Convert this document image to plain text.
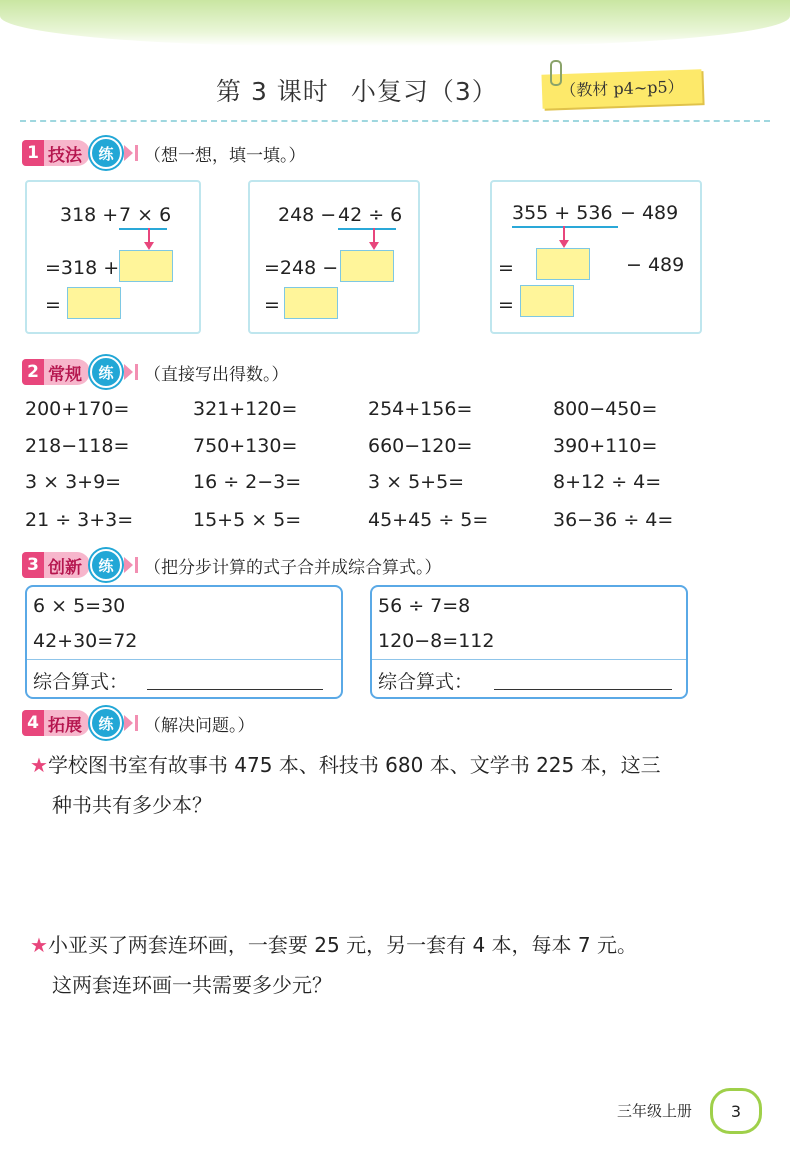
第 3 课时 小复习（3）	（教材 p4~p5）
1 技法	练	（想一想，填一填。）
318 + 7 × 6
=318 +
=
248 − 42 ÷ 6
=248 −
=
355 + 536 − 489
=	− 489
=
2 常规	练	（直接写出得数。）
200+170=	321+120=	254+156=	800−450=
218−118=	750+130=	660−120=	390+110=
3 × 3+9=	16 ÷ 2−3=	3 × 5+5=	8+12 ÷ 4=
21 ÷ 3+3=	15+5 × 5=	45+45 ÷ 5=	36−36 ÷ 4=
3 创新	练	（把分步计算的式子合并成综合算式。）
6 × 5=30
42+30=72
综合算式：
56 ÷ 7=8
120−8=112
综合算式：
4 拓展	练	（解决问题。）
★学校图书室有故事书 475 本、科技书 680 本、文学书 225 本，这三
种书共有多少本？
★小亚买了两套连环画，一套要 25 元，另一套有 4 本，每本 7 元。
这两套连环画一共需要多少元？
三年级上册	3
